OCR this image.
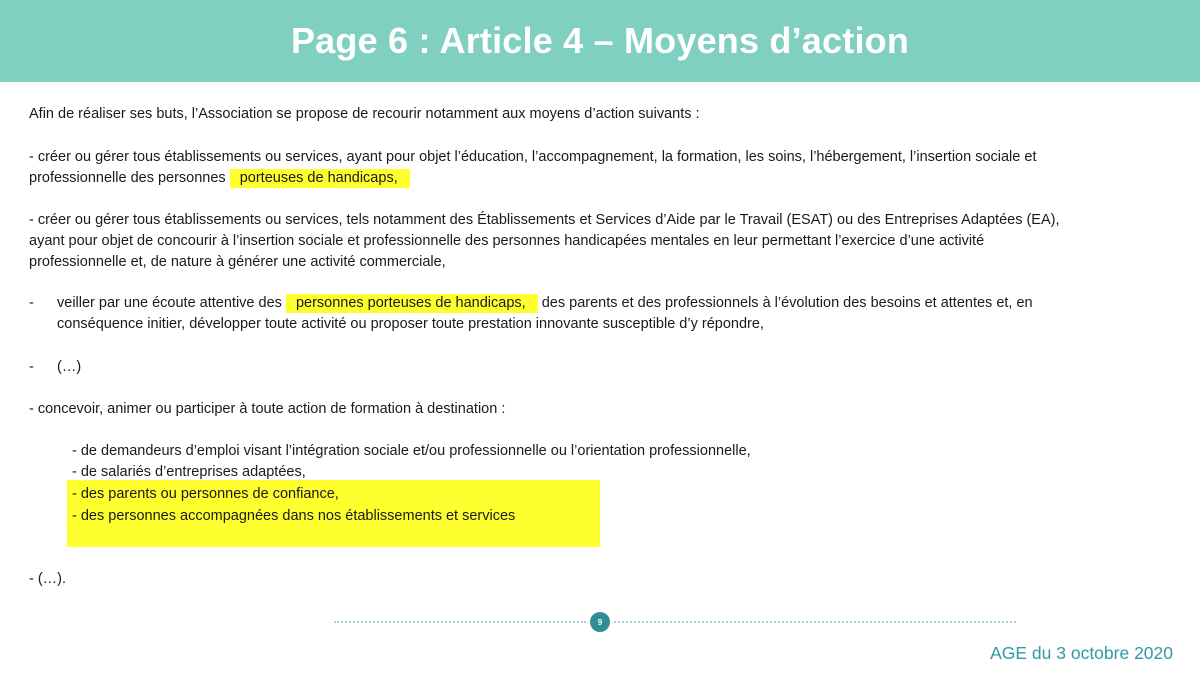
Page 6 : Article 4 – Moyens d’action

Afin de réaliser ses buts, l’Association se propose de recourir notamment aux moyens d’action suivants :

- créer ou gérer tous établissements ou services, ayant pour objet l’éducation, l’accompagnement, la formation, les soins, l’hébergement, l’insertion sociale et
professionnelle des personnes porteuses de handicaps,
- créer ou gérer tous établissements ou services, tels notamment des Établissements et Services d’Aide par le Travail (ESAT) ou des Entreprises Adaptées (EA),
ayant pour objet de concourir à l’insertion sociale et professionnelle des personnes handicapées mentales en leur permettant l’exercice d’une activité
professionnelle et, de nature à générer une activité commerciale,
- veiller par une écoute attentive des personnes porteuses de handicaps, des parents et des professionnels à l’évolution des besoins et attentes et, en
conséquence initier, développer toute activité ou proposer toute prestation innovante susceptible d’y répondre,
- (…)
- concevoir, animer ou participer à toute action de formation à destination :
- de demandeurs d’emploi visant l’intégration sociale et/ou professionnelle ou l’orientation professionnelle,
- de salariés d’entreprises adaptées,
- des parents ou personnes de confiance,
- des personnes accompagnées dans nos établissements et services
- (…).
9
AGE du 3 octobre 2020
